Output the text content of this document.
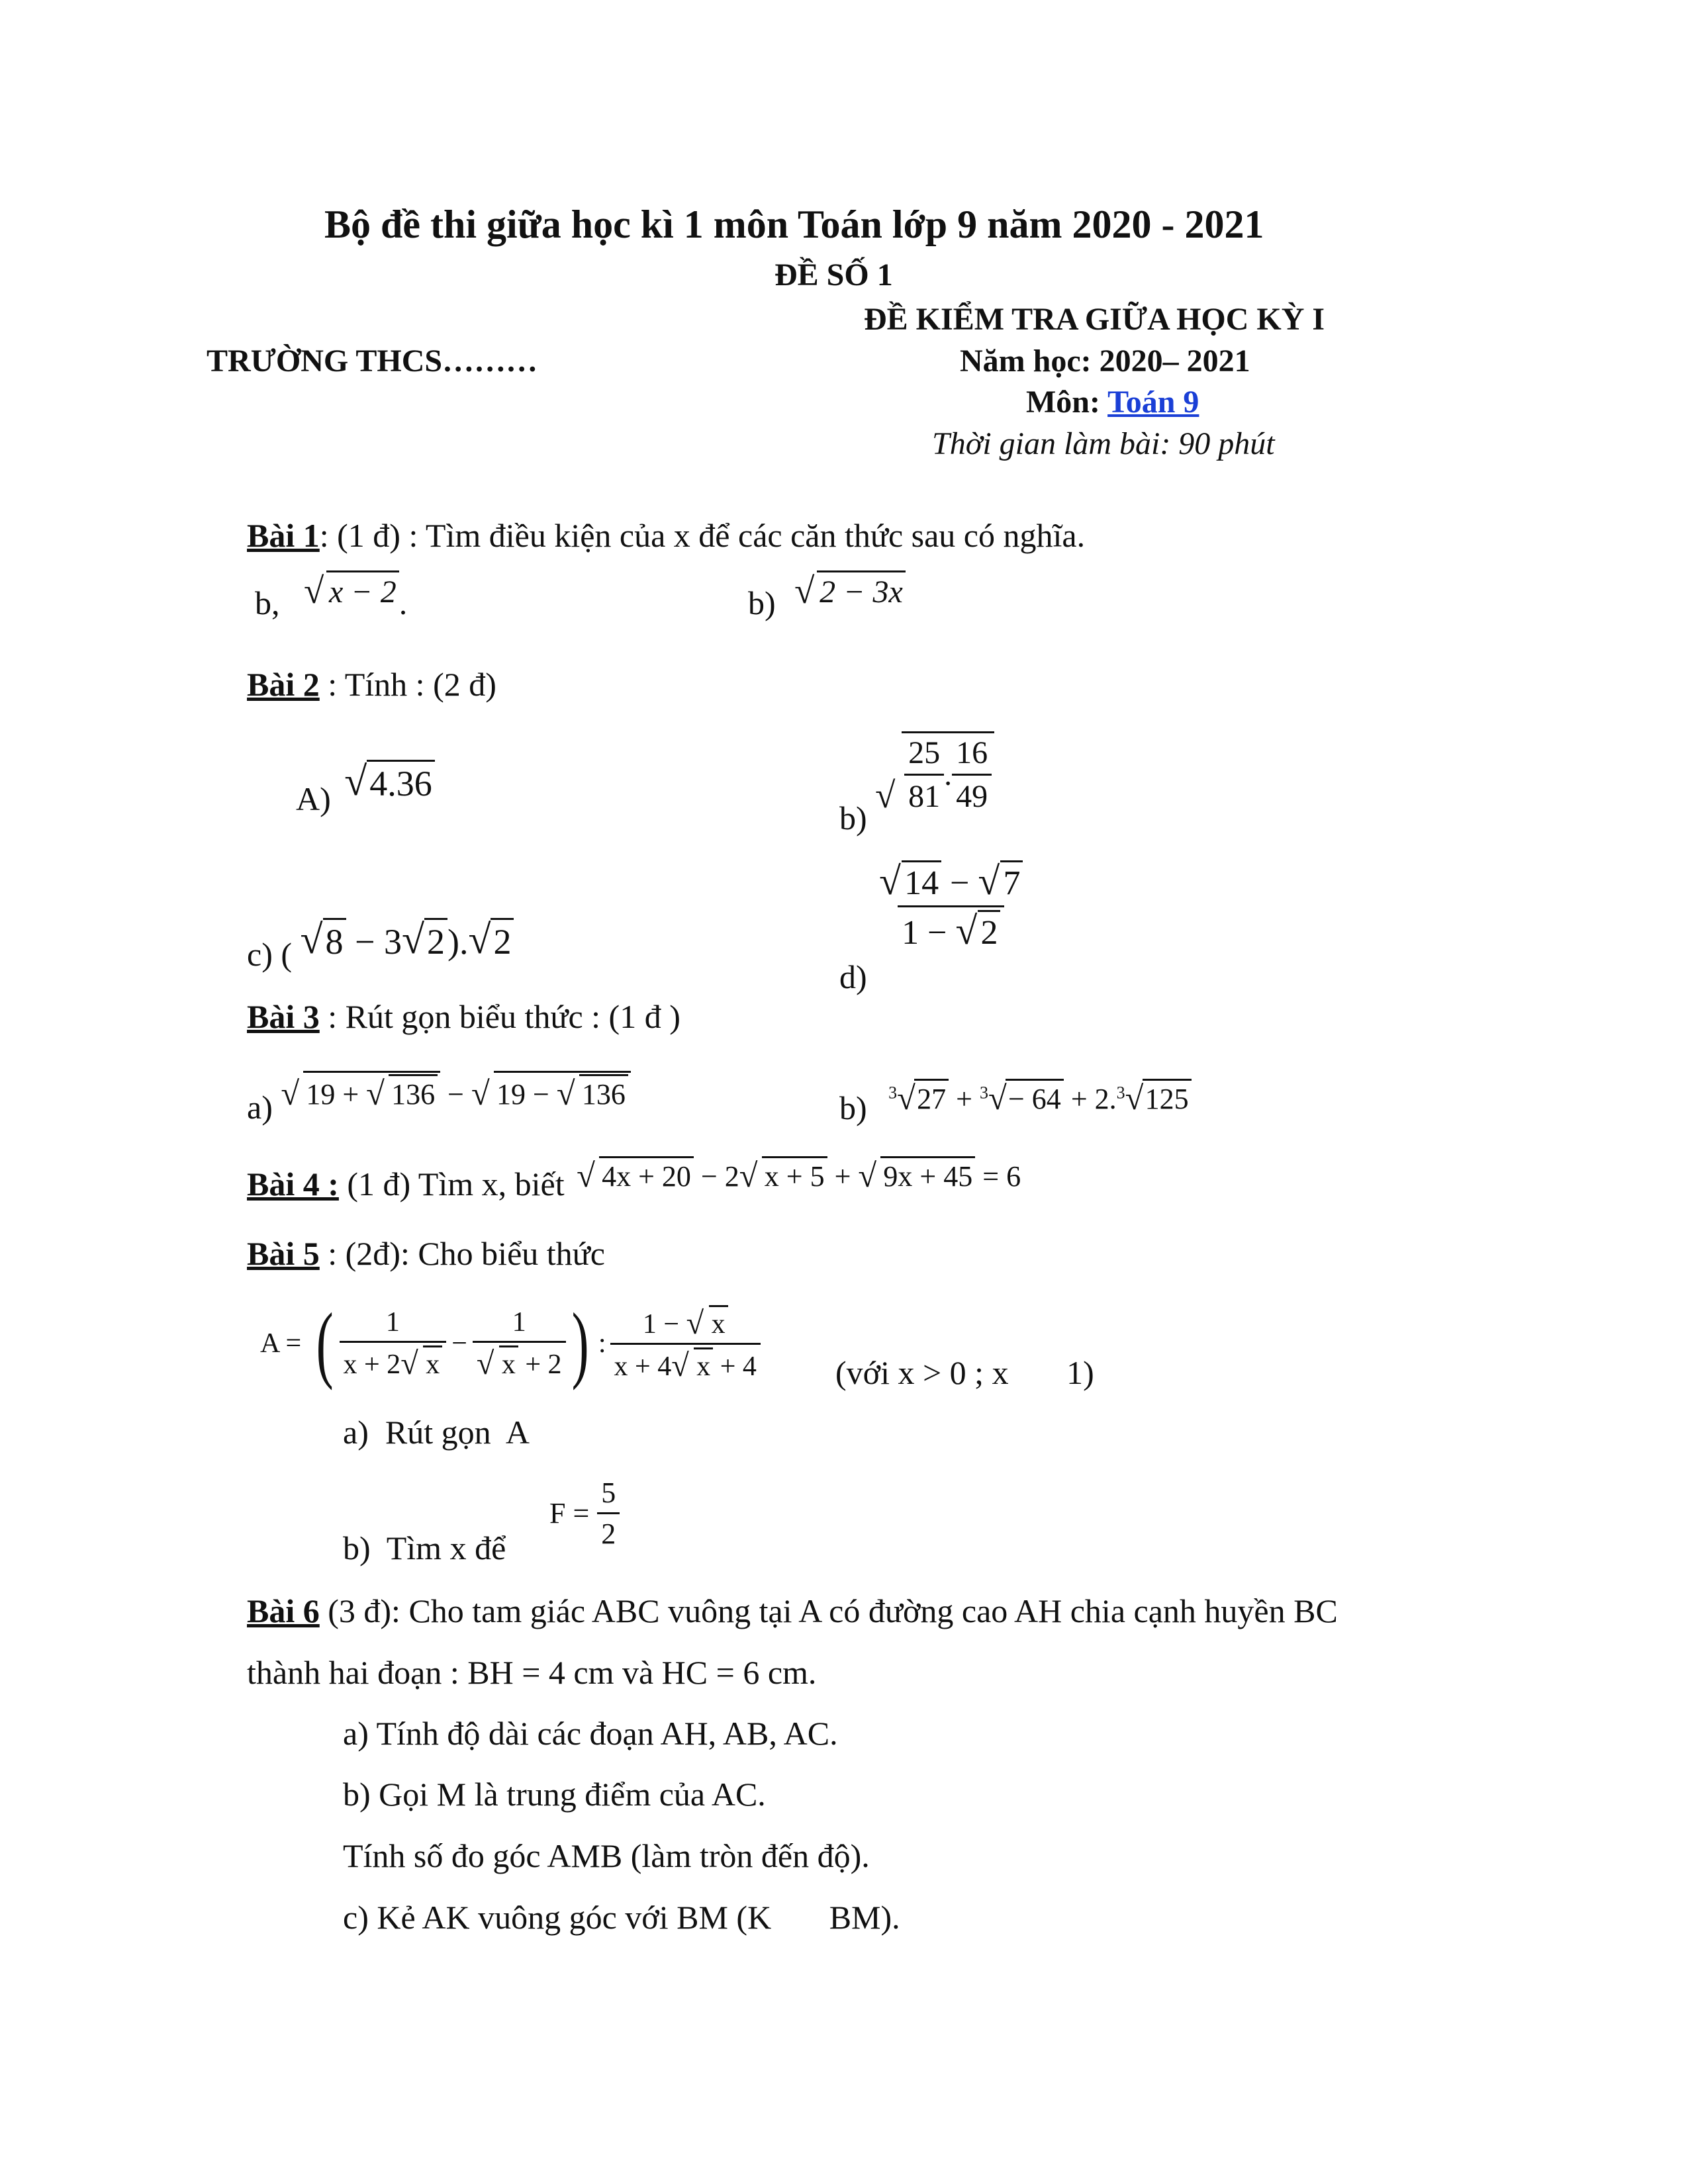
Bộ đề thi giữa học kì 1 môn Toán lớp 9 năm 2020 - 2021
ĐỀ SỐ 1
ĐỀ KIỂM TRA GIỮA HỌC KỲ I
TRƯỜNG THCS………	Năm học: 2020– 2021
Môn: Toán 9
Thời gian làm bài: 90 phút
Bài 1: (1 đ) : Tìm điều kiện của x để các căn thức sau có nghĩa.
b, √ x − 2.	b) √ 2 − 3x
Bài 2 : Tính : (2 đ)
A) √ 4.36
b)
√ $\frac{25}{81}$ . $\frac{16}{49}$
c) ( √ 8 − 3 √ 2). √ 2
d)
√ $\frac{14 - √ 7}{1 - √ 2}$
Bài 3 : Rút gọn biểu thức : (1 đ )
a) √ 19 + √ 136 − √ 19 − √ 136	b) $^3$ √ 27 + $^3$ √ − 64 + 2.$^3$ √ 125
Bài 4 : (1 đ) Tìm x, biết √ 4x + 20 − 2 √ x + 5 + √ 9x + 45 = 6
Bài 5 : (2đ): Cho biểu thức
A = ( $\frac{1}{x + 2 √ x} - 1$
√ x + 2 ) : $\frac{1 - √ x}{x + 4 √ x + 4}$ (với x > 0 ; x       1)
a)  Rút gọn  A
b)  Tìm x để
$F = \frac{5}{2}$
Bài 6 (3 đ): Cho tam giác ABC vuông tại A có đường cao AH chia cạnh huyền BC
thành hai đoạn : BH = 4 cm và HC = 6 cm.
a) Tính độ dài các đoạn AH, AB, AC.
b) Gọi M là trung điểm của AC.
Tính số đo góc AMB (làm tròn đến độ).
c) Kẻ AK vuông góc với BM (K       BM).
